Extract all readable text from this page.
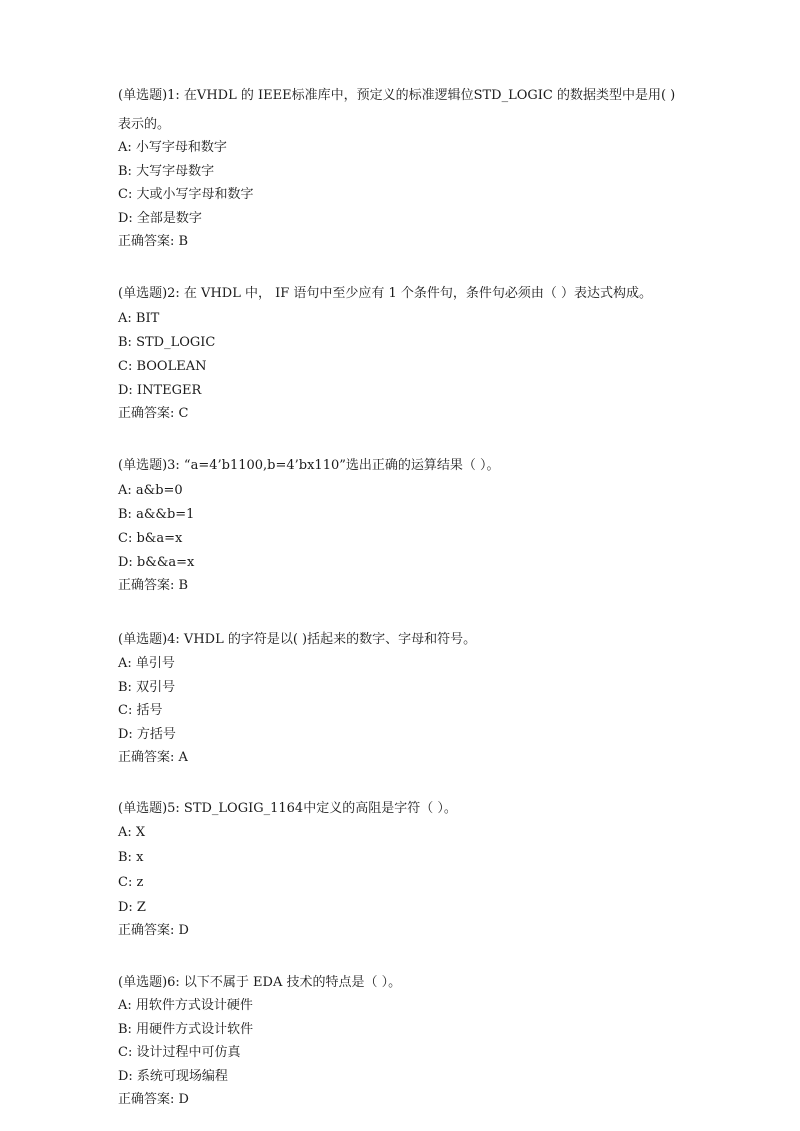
(单选题)1: 在VHDL 的 IEEE标准库中，预定义的标准逻辑位STD_LOGIC 的数据类型中是用( )
表示的。
A: 小写字母和数字
B: 大写字母数字
C: 大或小写字母和数字
D: 全部是数字
正确答案: B
(单选题)2: 在 VHDL 中， IF 语句中至少应有 1 个条件句，条件句必须由（ ）表达式构成。
A: BIT
B: STD_LOGIC
C: BOOLEAN
D: INTEGER
正确答案: C
(单选题)3: “a=4’b1100,b=4’bx110”选出正确的运算结果（ ）。
A: a&b=0
B: a&&b=1
C: b&a=x
D: b&&a=x
正确答案: B
(单选题)4: VHDL 的字符是以( )括起来的数字、字母和符号。
A: 单引号
B: 双引号
C: 括号
D: 方括号
正确答案: A
(单选题)5: STD_LOGIG_1164中定义的高阻是字符（ ）。
A: X
B: x
C: z
D: Z
正确答案: D
(单选题)6: 以下不属于 EDA 技术的特点是（ ）。
A: 用软件方式设计硬件
B: 用硬件方式设计软件
C: 设计过程中可仿真
D: 系统可现场编程
正确答案: D
